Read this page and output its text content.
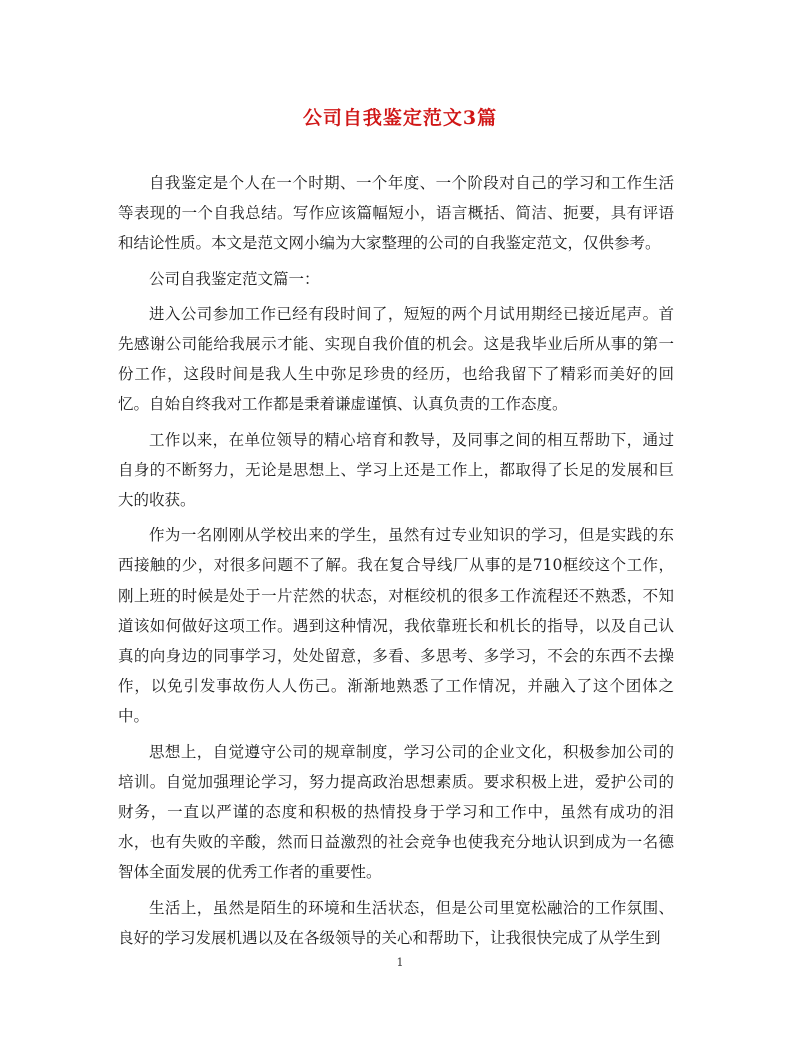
公司自我鉴定范文3篇

自我鉴定是个人在一个时期、一个年度、一个阶段对自己的学习和工作生活等表现的一个自我总结。写作应该篇幅短小，语言概括、简洁、扼要，具有评语和结论性质。本文是范文网小编为大家整理的公司的自我鉴定范文，仅供参考。

公司自我鉴定范文篇一：

进入公司参加工作已经有段时间了，短短的两个月试用期经已接近尾声。首先感谢公司能给我展示才能、实现自我价值的机会。这是我毕业后所从事的第一份工作，这段时间是我人生中弥足珍贵的经历，也给我留下了精彩而美好的回忆。自始自终我对工作都是秉着谦虚谨慎、认真负责的工作态度。

工作以来，在单位领导的精心培育和教导，及同事之间的相互帮助下，通过自身的不断努力，无论是思想上、学习上还是工作上，都取得了长足的发展和巨大的收获。

作为一名刚刚从学校出来的学生，虽然有过专业知识的学习，但是实践的东西接触的少，对很多问题不了解。我在复合导线厂从事的是710框绞这个工作，刚上班的时候是处于一片茫然的状态，对框绞机的很多工作流程还不熟悉，不知道该如何做好这项工作。遇到这种情况，我依靠班长和机长的指导，以及自己认真的向身边的同事学习，处处留意，多看、多思考、多学习，不会的东西不去操作，以免引发事故伤人人伤己。渐渐地熟悉了工作情况，并融入了这个团体之中。

思想上，自觉遵守公司的规章制度，学习公司的企业文化，积极参加公司的培训。自觉加强理论学习，努力提高政治思想素质。要求积极上进，爱护公司的财务，一直以严谨的态度和积极的热情投身于学习和工作中，虽然有成功的泪水，也有失败的辛酸，然而日益激烈的社会竞争也使我充分地认识到成为一名德智体全面发展的优秀工作者的重要性。

生活上，虽然是陌生的环境和生活状态，但是公司里宽松融洽的工作氛围、良好的学习发展机遇以及在各级领导的关心和帮助下，让我很快完成了从学生到

1
